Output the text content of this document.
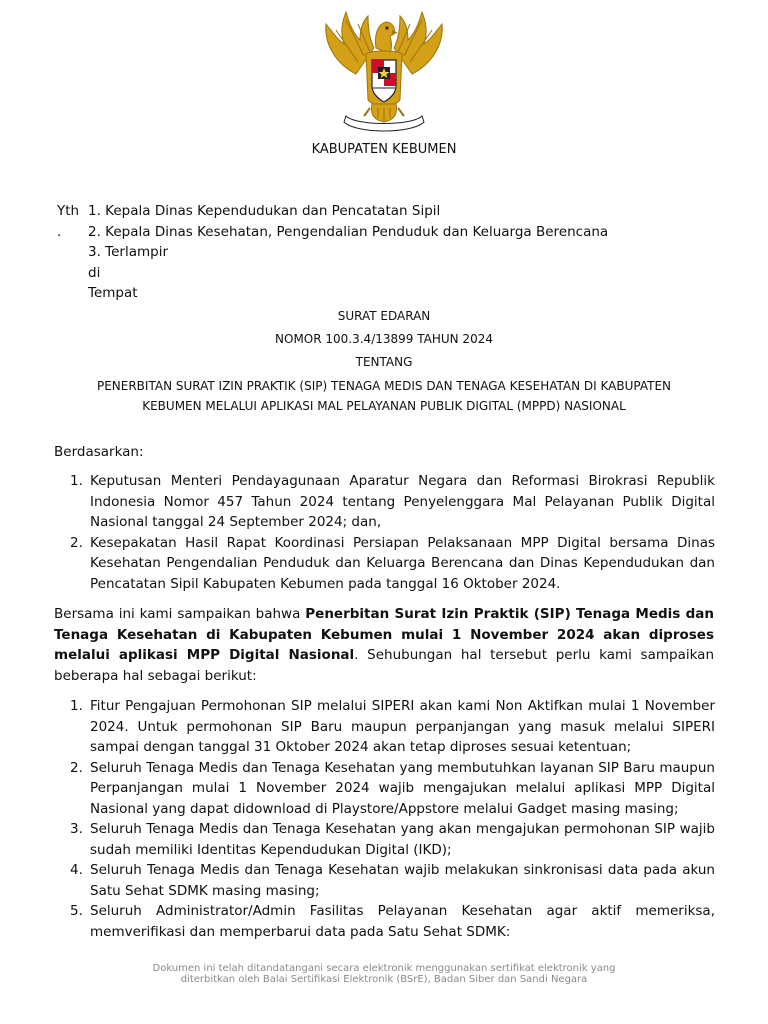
KABUPATEN KEBUMEN
Yth
.
1. Kepala Dinas Kependudukan dan Pencatatan Sipil
2. Kepala Dinas Kesehatan, Pengendalian Penduduk dan Keluarga Berencana
3. Terlampir
di
Tempat
SURAT EDARAN
NOMOR 100.3.4/13899 TAHUN 2024
TENTANG
PENERBITAN SURAT IZIN PRAKTIK (SIP) TENAGA MEDIS DAN TENAGA KESEHATAN DI KABUPATEN
KEBUMEN MELALUI APLIKASI MAL PELAYANAN PUBLIK DIGITAL (MPPD) NASIONAL
Berdasarkan:
1. Keputusan Menteri Pendayagunaan Aparatur Negara dan Reformasi Birokrasi Republik Indonesia Nomor 457 Tahun 2024 tentang Penyelenggara Mal Pelayanan Publik Digital Nasional tanggal 24 September 2024; dan,
2. Kesepakatan Hasil Rapat Koordinasi Persiapan Pelaksanaan MPP Digital bersama Dinas Kesehatan Pengendalian Penduduk dan Keluarga Berencana dan Dinas Kependudukan dan Pencatatan Sipil Kabupaten Kebumen pada tanggal 16 Oktober 2024.
Bersama ini kami sampaikan bahwa Penerbitan Surat Izin Praktik (SIP) Tenaga Medis dan Tenaga Kesehatan di Kabupaten Kebumen mulai 1 November 2024 akan diproses melalui aplikasi MPP Digital Nasional. Sehubungan hal tersebut perlu kami sampaikan beberapa hal sebagai berikut:
1. Fitur Pengajuan Permohonan SIP melalui SIPERI akan kami Non Aktifkan mulai 1 November 2024. Untuk permohonan SIP Baru maupun perpanjangan yang masuk melalui SIPERI sampai dengan tanggal 31 Oktober 2024 akan tetap diproses sesuai ketentuan;
2. Seluruh Tenaga Medis dan Tenaga Kesehatan yang membutuhkan layanan SIP Baru maupun Perpanjangan mulai 1 November 2024 wajib mengajukan melalui aplikasi MPP Digital Nasional yang dapat didownload di Playstore/Appstore melalui Gadget masing masing;
3. Seluruh Tenaga Medis dan Tenaga Kesehatan yang akan mengajukan permohonan SIP wajib sudah memiliki Identitas Kependudukan Digital (IKD);
4. Seluruh Tenaga Medis dan Tenaga Kesehatan wajib melakukan sinkronisasi data pada akun Satu Sehat SDMK masing masing;
5. Seluruh Administrator/Admin Fasilitas Pelayanan Kesehatan agar aktif memeriksa, memverifikasi dan memperbarui data pada Satu Sehat SDMK:
Dokumen ini telah ditandatangani secara elektronik menggunakan sertifikat elektronik yang
diterbitkan oleh Balai Sertifikasi Elektronik (BSrE), Badan Siber dan Sandi Negara
